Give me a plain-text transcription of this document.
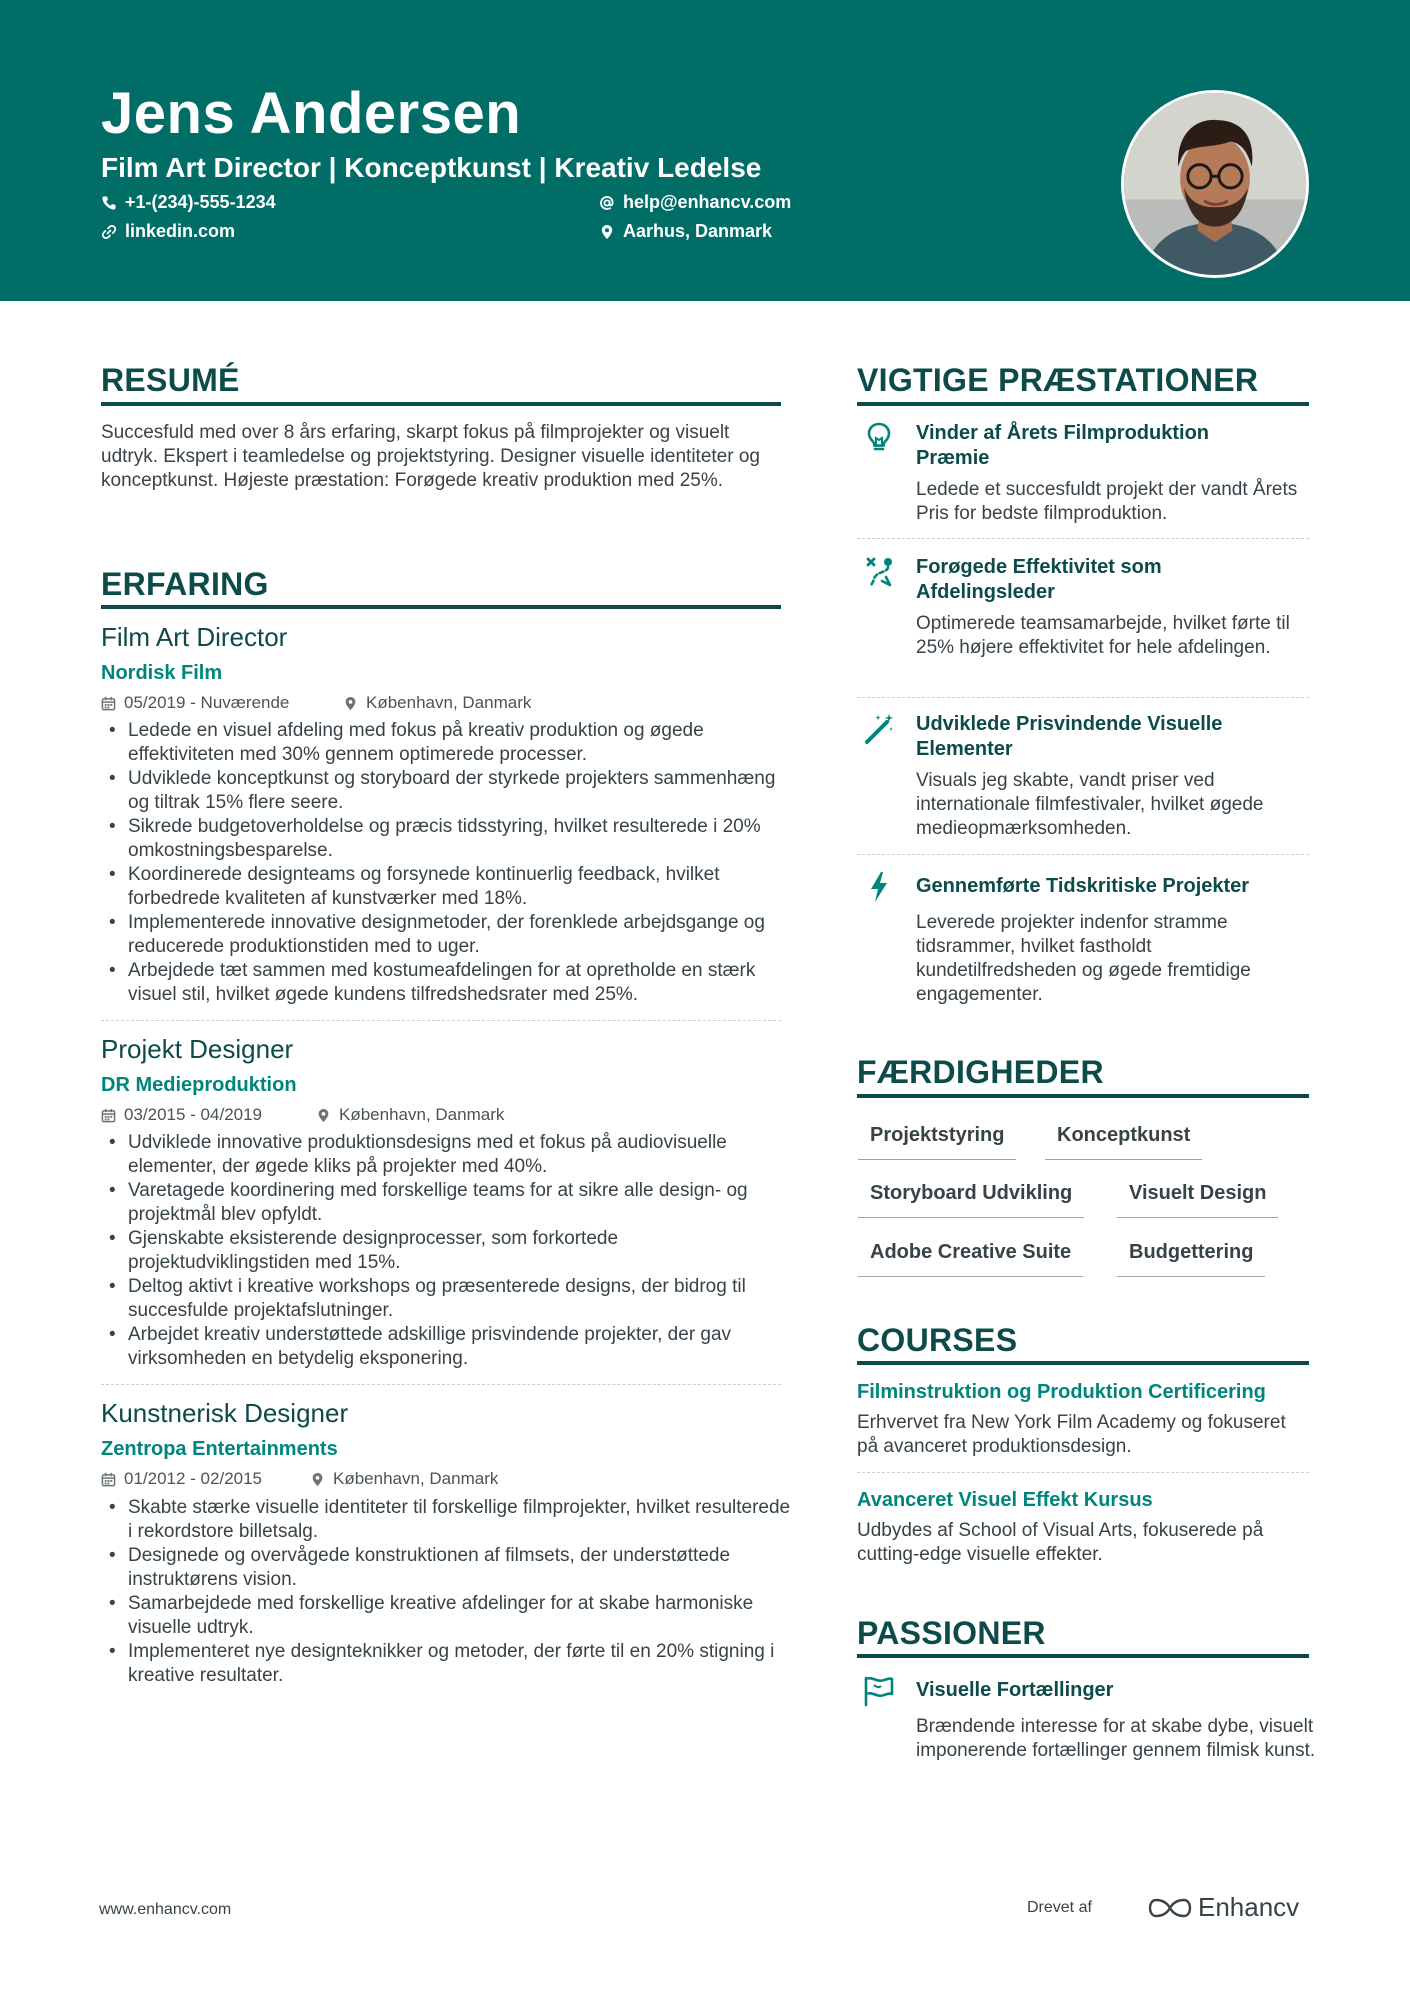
Jens Andersen
Film Art Director | Konceptkunst | Kreativ Ledelse
+1-(234)-555-1234	help@enhancv.com
linkedin.com	Aarhus, Danmark
RESUMÉ
Succesfuld med over 8 års erfaring, skarpt fokus på filmprojekter og visuelt udtryk. Ekspert i teamledelse og projektstyring. Designer visuelle identiteter og konceptkunst. Højeste præstation: Forøgede kreativ produktion med 25%.
ERFARING
Film Art Director
Nordisk Film
05/2019 - Nuværende	København, Danmark
• Ledede en visuel afdeling med fokus på kreativ produktion og øgede effektiviteten med 30% gennem optimerede processer.
• Udviklede konceptkunst og storyboard der styrkede projekters sammenhæng og tiltrak 15% flere seere.
• Sikrede budgetoverholdelse og præcis tidsstyring, hvilket resulterede i 20% omkostningsbesparelse.
• Koordinerede designteams og forsynede kontinuerlig feedback, hvilket forbedrede kvaliteten af kunstværker med 18%.
• Implementerede innovative designmetoder, der forenklede arbejdsgange og reducerede produktionstiden med to uger.
• Arbejdede tæt sammen med kostumeafdelingen for at opretholde en stærk visuel stil, hvilket øgede kundens tilfredshedsrater med 25%.
Projekt Designer
DR Medieproduktion
03/2015 - 04/2019	København, Danmark
• Udviklede innovative produktionsdesigns med et fokus på audiovisuelle elementer, der øgede kliks på projekter med 40%.
• Varetagede koordinering med forskellige teams for at sikre alle design- og projektmål blev opfyldt.
• Gjenskabte eksisterende designprocesser, som forkortede projektudviklingstiden med 15%.
• Deltog aktivt i kreative workshops og præsenterede designs, der bidrog til succesfulde projektafslutninger.
• Arbejdet kreativ understøttede adskillige prisvindende projekter, der gav virksomheden en betydelig eksponering.
Kunstnerisk Designer
Zentropa Entertainments
01/2012 - 02/2015	København, Danmark
• Skabte stærke visuelle identiteter til forskellige filmprojekter, hvilket resulterede i rekordstore billetsalg.
• Designede og overvågede konstruktionen af filmsets, der understøttede instruktørens vision.
• Samarbejdede med forskellige kreative afdelinger for at skabe harmoniske visuelle udtryk.
• Implementeret nye designteknikker og metoder, der førte til en 20% stigning i kreative resultater.
VIGTIGE PRÆSTATIONER
Vinder af Årets Filmproduktion Præmie
Ledede et succesfuldt projekt der vandt Årets Pris for bedste filmproduktion.
Forøgede Effektivitet som Afdelingsleder
Optimerede teamsamarbejde, hvilket førte til 25% højere effektivitet for hele afdelingen.
Udviklede Prisvindende Visuelle Elementer
Visuals jeg skabte, vandt priser ved internationale filmfestivaler, hvilket øgede medieopmærksomheden.
Gennemførte Tidskritiske Projekter
Leverede projekter indenfor stramme tidsrammer, hvilket fastholdt kundetilfredsheden og øgede fremtidige engagementer.
FÆRDIGHEDER
Projektstyring	Konceptkunst
Storyboard Udvikling	Visuelt Design
Adobe Creative Suite	Budgettering
COURSES
Filminstruktion og Produktion Certificering
Erhvervet fra New York Film Academy og fokuseret på avanceret produktionsdesign.
Avanceret Visuel Effekt Kursus
Udbydes af School of Visual Arts, fokuserede på cutting-edge visuelle effekter.
PASSIONER
Visuelle Fortællinger
Brændende interesse for at skabe dybe, visuelt imponerende fortællinger gennem filmisk kunst.
www.enhancv.com	Drevet af	Enhancv
